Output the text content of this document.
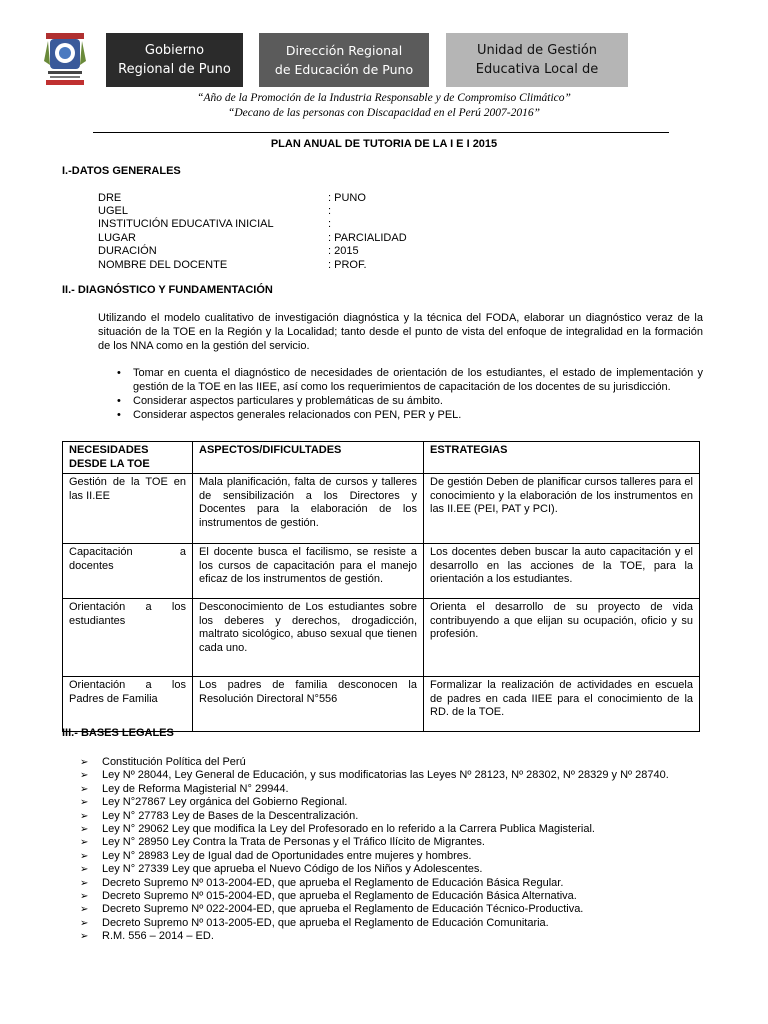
Gobierno
Regional de Puno
Dirección Regional
de Educación de Puno
Unidad de Gestión
Educativa Local de
“Año de la Promoción de la Industria Responsable y de Compromiso Climático”
“Decano de las personas con Discapacidad en el Perú 2007-2016”
PLAN ANUAL DE TUTORIA DE LA I E I 2015
I.-DATOS GENERALES
DRE	: PUNO
UGEL	:
INSTITUCIÓN EDUCATIVA INICIAL	:
LUGAR	: PARCIALIDAD
DURACIÓN	: 2015
NOMBRE DEL DOCENTE	: PROF.
II.- DIAGNÓSTICO Y FUNDAMENTACIÓN
Utilizando el modelo cualitativo de investigación diagnóstica y la técnica del FODA, elaborar un diagnóstico veraz de la situación de la TOE en la Región y la Localidad; tanto desde el punto de vista del enfoque de integralidad en la formación de los NNA como en la gestión del servicio.
• Tomar en cuenta el diagnóstico de necesidades de orientación de los estudiantes, el estado de implementación y gestión de la TOE en las IIEE, así como los requerimientos de capacitación de los docentes de su jurisdicción.
• Considerar aspectos particulares y problemáticas de su ámbito.
• Considerar aspectos generales relacionados con PEN, PER y PEL.
NECESIDADES DESDE LA TOE	ASPECTOS/DIFICULTADES	ESTRATEGIAS
Gestión de la TOE en las II.EE	Mala planificación, falta de cursos y talleres de sensibilización a los Directores y Docentes para la elaboración de los instrumentos de gestión.	De gestión Deben de planificar cursos talleres para el conocimiento y la elaboración de los instrumentos en las II.EE (PEI, PAT y PCI).
Capacitación a docentes	El docente busca el facilismo, se resiste a los cursos de capacitación para el manejo eficaz de los instrumentos de gestión.	Los docentes deben buscar la auto capacitación y el desarrollo en las acciones de la TOE, para la orientación a los estudiantes.
Orientación a los estudiantes	Desconocimiento de Los estudiantes sobre los deberes y derechos, drogadicción, maltrato sicológico, abuso sexual que tienen cada uno.	Orienta el desarrollo de su proyecto de vida contribuyendo a que elijan su ocupación, oficio y su profesión.
Orientación a los Padres de Familia	Los padres de familia desconocen la Resolución Directoral N°556	Formalizar la realización de actividades en escuela de padres en cada IIEE para el conocimiento de la RD. de la TOE.
III.- BASES LEGALES
➢ Constitución Política del Perú
➢ Ley Nº 28044, Ley General de Educación, y sus modificatorias las Leyes Nº 28123, Nº 28302, Nº 28329 y Nº 28740.
➢ Ley de Reforma Magisterial N° 29944.
➢ Ley N°27867 Ley orgánica del Gobierno Regional.
➢ Ley N° 27783 Ley de Bases de la Descentralización.
➢ Ley N° 29062 Ley que modifica la Ley del Profesorado en lo referido a la Carrera Publica Magisterial.
➢ Ley N° 28950 Ley Contra la Trata de Personas y el Tráfico Ilícito de Migrantes.
➢ Ley N° 28983 Ley de Igual dad de Oportunidades entre mujeres y hombres.
➢ Ley N° 27339 Ley que aprueba el Nuevo Código de los Niños y Adolescentes.
➢ Decreto Supremo Nº 013-2004-ED, que aprueba el Reglamento de Educación Básica Regular.
➢ Decreto Supremo Nº 015-2004-ED, que aprueba el Reglamento de Educación Básica Alternativa.
➢ Decreto Supremo Nº 022-2004-ED, que aprueba el Reglamento de Educación Técnico-Productiva.
➢ Decreto Supremo Nº 013-2005-ED, que aprueba el Reglamento de Educación Comunitaria.
➢ R.M. 556 – 2014 – ED.
